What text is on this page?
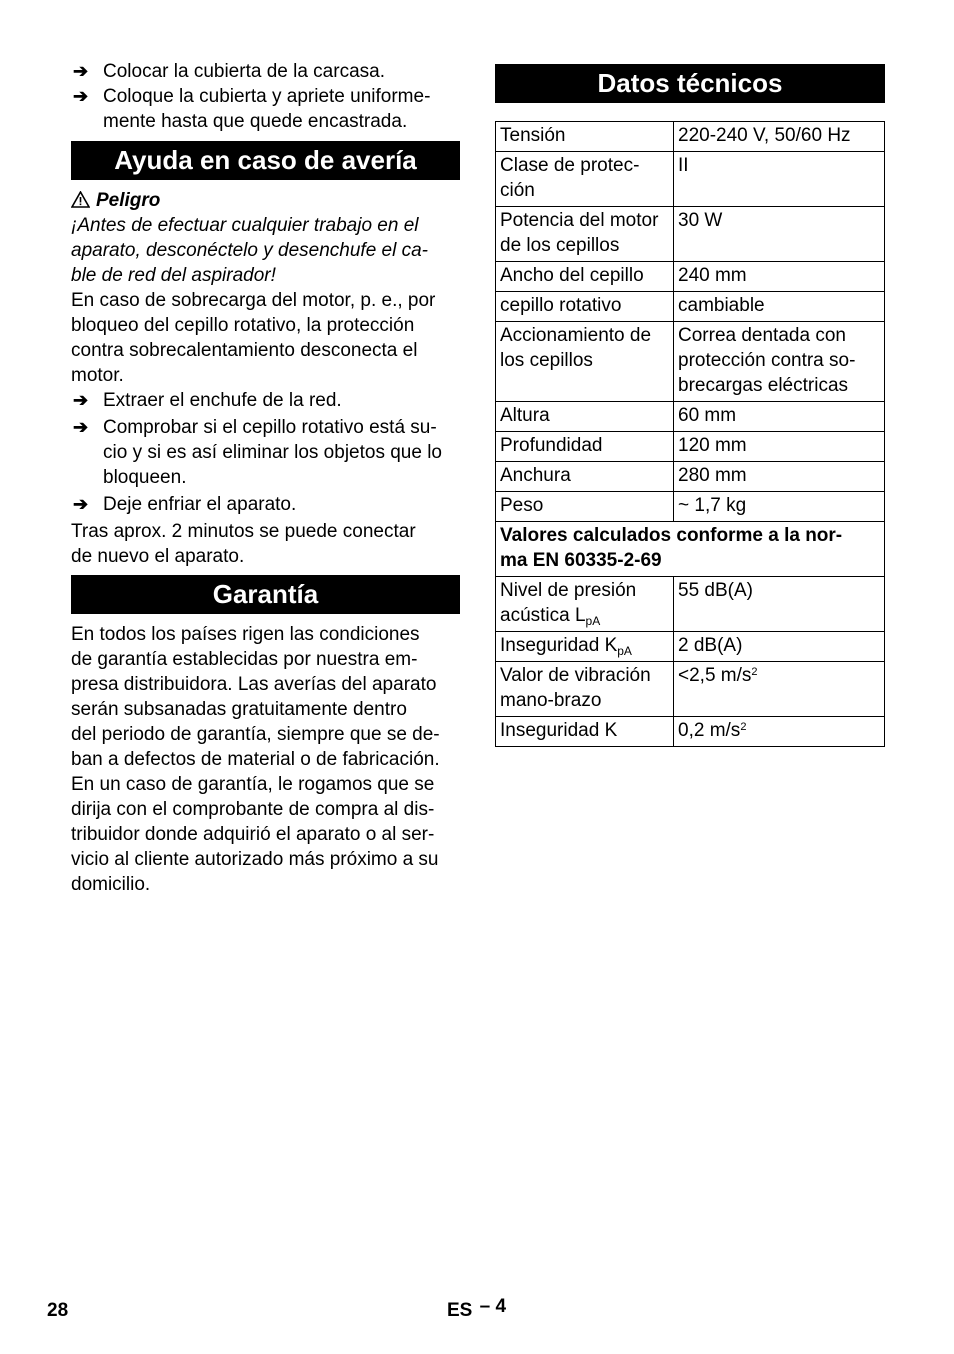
➔ Colocar la cubierta de la carcasa.
➔ Coloque la cubierta y apriete uniforme-
mente hasta que quede encastrada.
Ayuda en caso de avería
Peligro

¡Antes de efectuar cualquier trabajo en el
aparato, desconéctelo y desenchufe el ca-
ble de red del aspirador!

En caso de sobrecarga del motor, p. e., por
bloqueo del cepillo rotativo, la protección
contra sobrecalentamiento desconecta el
motor.

➔ Extraer el enchufe de la red.
➔ Comprobar si el cepillo rotativo está su-
cio y si es así eliminar los objetos que lo
bloqueen.
➔ Deje enfriar el aparato.

Tras aprox. 2 minutos se puede conectar
de nuevo el aparato.

Garantía

En todos los países rigen las condiciones
de garantía establecidas por nuestra em-
presa distribuidora. Las averías del aparato
serán subsanadas gratuitamente dentro
del periodo de garantía, siempre que se de-
ban a defectos de material o de fabricación.
En un caso de garantía, le rogamos que se
dirija con el comprobante de compra al dis-
tribuidor donde adquirió el aparato o al ser-
vicio al cliente autorizado más próximo a su
domicilio.

Datos técnicos
Tensión	220-240 V, 50/60 Hz
Clase de protec-
ción	II
Potencia del motor
de los cepillos	30 W
Ancho del cepillo	240 mm
cepillo rotativo	cambiable
Accionamiento de
los cepillos	Correa dentada con
protección contra so-
brecargas eléctricas
Altura	60 mm
Profundidad	120 mm
Anchura	280 mm
Peso	~ 1,7 kg
Valores calculados conforme a la nor-
ma EN 60335-2-69	
Nivel de presión
acústica $L_{pA}$	55 dB(A)
Inseguridad $K_{pA}$	2 dB(A)
Valor de vibración
mano-brazo	<2,5 $m/s^2$
Inseguridad K	0,2 $m/s^2$
28	ES – 4
